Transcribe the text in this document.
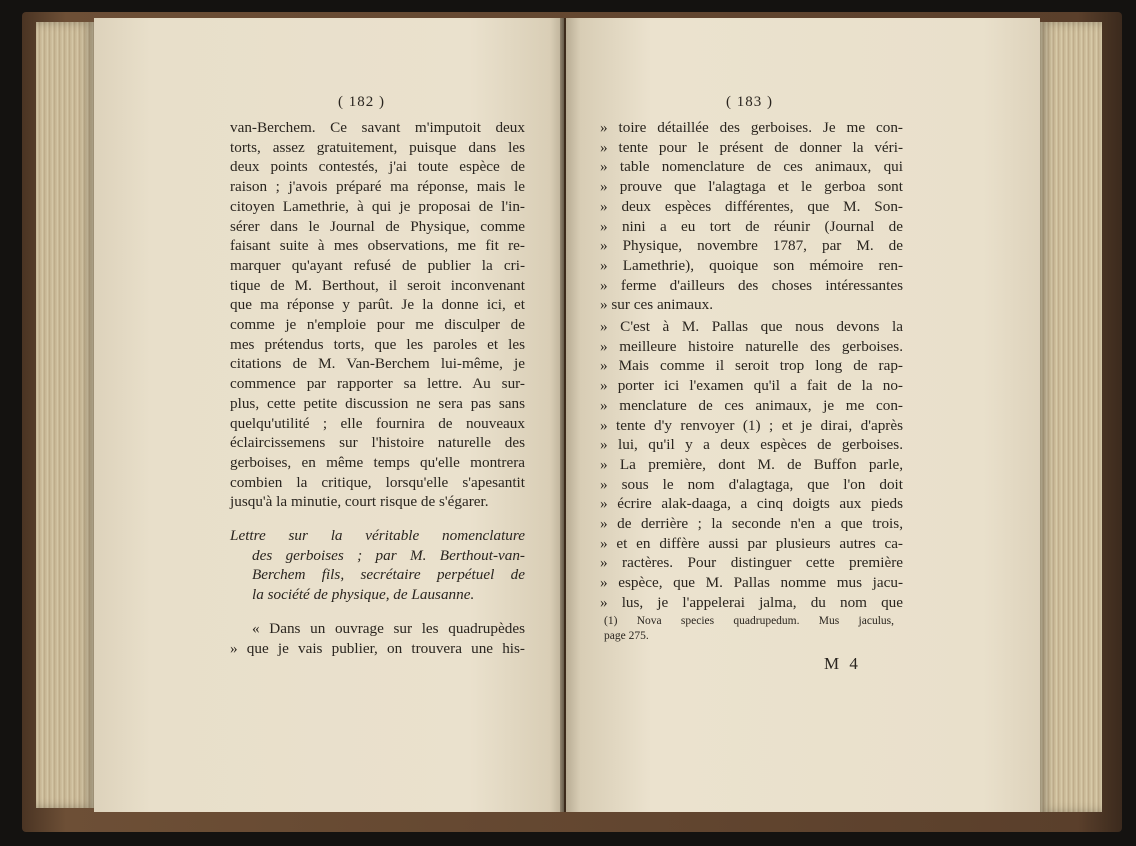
( 182 )
van-Berchem. Ce savant m'imputoit deux
torts, assez gratuitement, puisque dans les
deux points contestés, j'ai toute espèce de
raison ; j'avois préparé ma réponse, mais le
citoyen Lamethrie, à qui je proposai de l'in-
sérer dans le Journal de Physique, comme
faisant suite à mes observations, me fit re-
marquer qu'ayant refusé de publier la cri-
tique de M. Berthout, il seroit inconvenant
que ma réponse y parût. Je la donne ici, et
comme je n'emploie pour me disculper de
mes prétendus torts, que les paroles et les
citations de M. Van-Berchem lui-même, je
commence par rapporter sa lettre. Au sur-
plus, cette petite discussion ne sera pas sans
quelqu'utilité ; elle fournira de nouveaux
éclaircissemens sur l'histoire naturelle des
gerboises, en même temps qu'elle montrera
combien la critique, lorsqu'elle s'apesantit
jusqu'à la minutie, court risque de s'égarer.
Lettre sur la véritable nomenclature
des gerboises ; par M. Berthout-van-
Berchem fils, secrétaire perpétuel de
la société de physique, de Lausanne.
« Dans un ouvrage sur les quadrupèdes
» que je vais publier, on trouvera une his-
( 183 )
» toire détaillée des gerboises. Je me con-
» tente pour le présent de donner la véri-
» table nomenclature de ces animaux, qui
» prouve que l'alagtaga et le gerboa sont
» deux espèces différentes, que M. Son-
» nini a eu tort de réunir (Journal de
» Physique, novembre 1787, par M. de
» Lamethrie), quoique son mémoire ren-
» ferme d'ailleurs des choses intéressantes
» sur ces animaux.
» C'est à M. Pallas que nous devons la
» meilleure histoire naturelle des gerboises.
» Mais comme il seroit trop long de rap-
» porter ici l'examen qu'il a fait de la no-
» menclature de ces animaux, je me con-
» tente d'y renvoyer (1) ; et je dirai, d'après
» lui, qu'il y a deux espèces de gerboises.
» La première, dont M. de Buffon parle,
» sous le nom d'alagtaga, que l'on doit
» écrire alak-daaga, a cinq doigts aux pieds
» de derrière ; la seconde n'en a que trois,
» et en diffère aussi par plusieurs autres ca-
» ractères. Pour distinguer cette première
» espèce, que M. Pallas nomme mus jacu-
» lus, je l'appelerai jalma, du nom que
(1) Nova species quadrupedum. Mus jaculus,
page 275.
M 4
